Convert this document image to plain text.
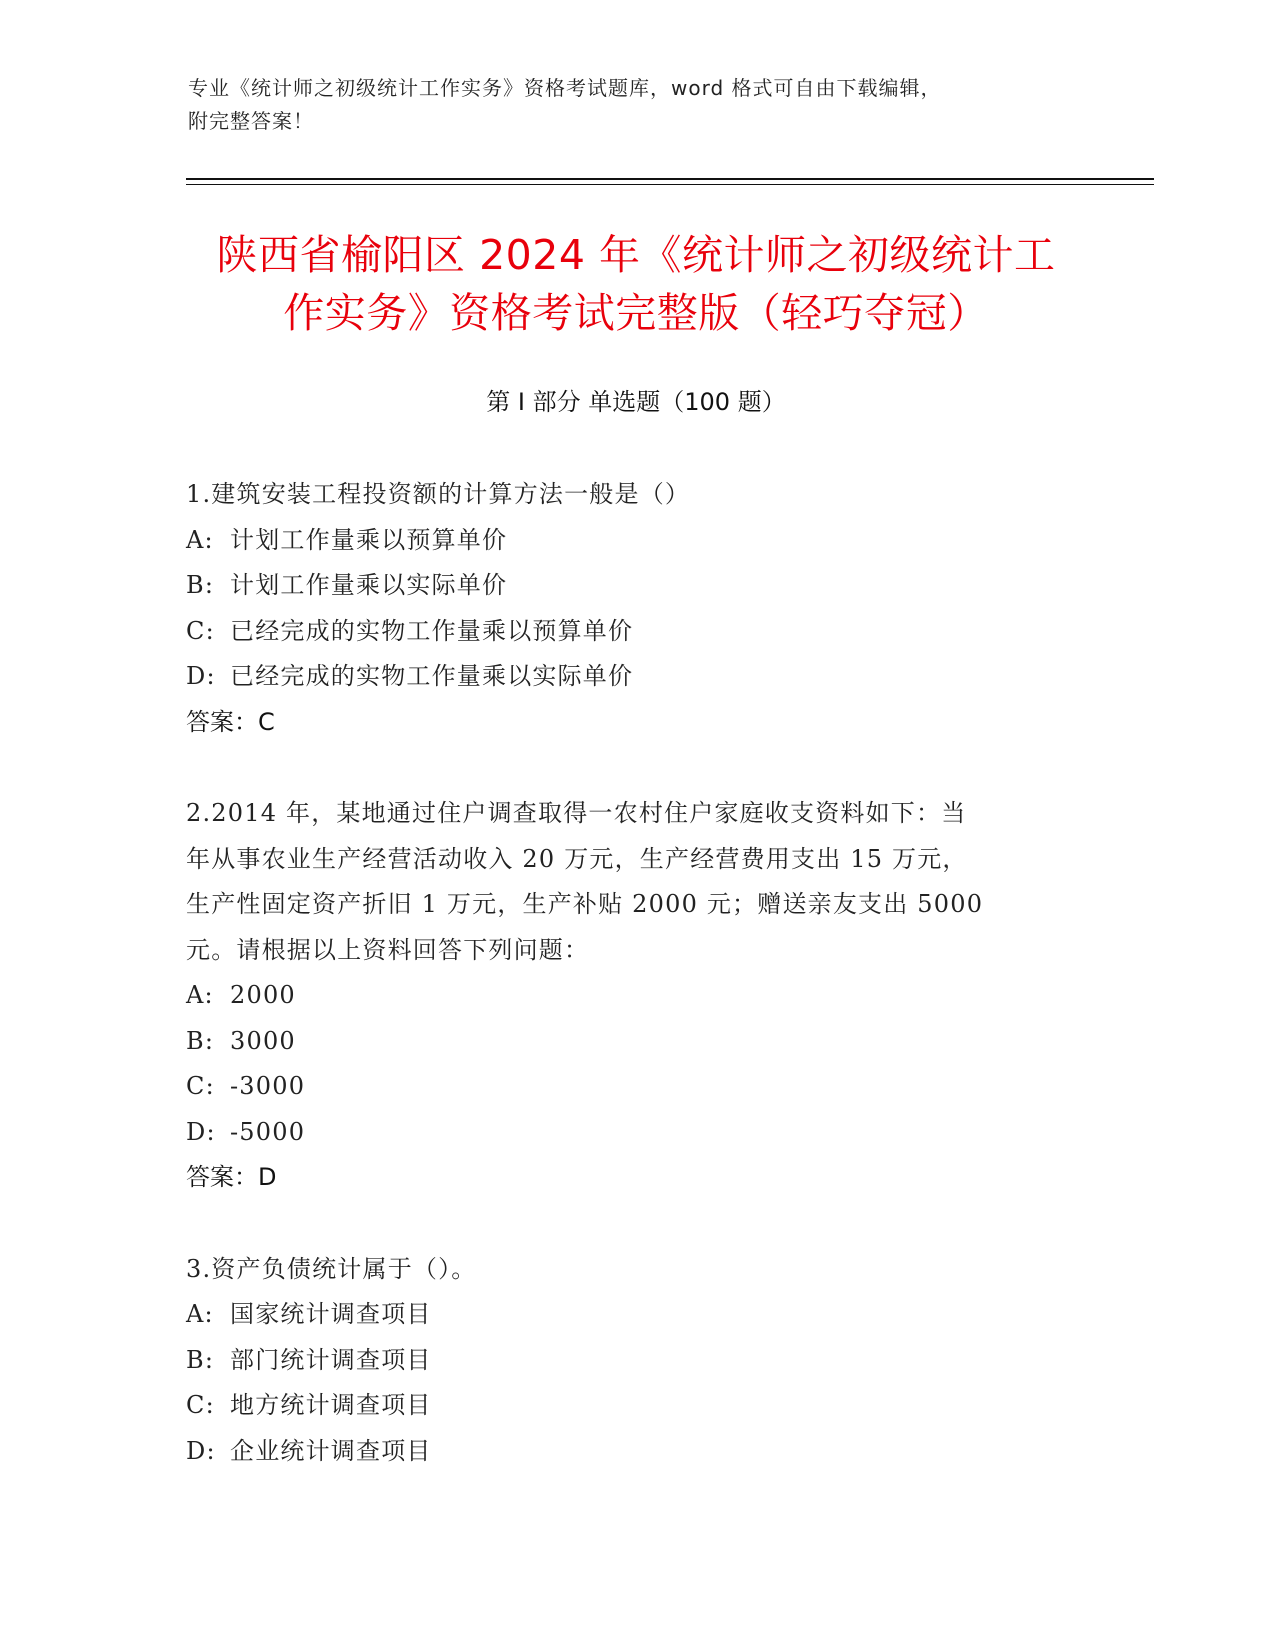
专业《统计师之初级统计工作实务》资格考试题库，word 格式可自由下载编辑，
附完整答案！
陕西省榆阳区 2024 年《统计师之初级统计工
作实务》资格考试完整版（轻巧夺冠）
第 I 部分 单选题（100 题）
1.建筑安装工程投资额的计算方法一般是（）
A: 计划工作量乘以预算单价
B: 计划工作量乘以实际单价
C: 已经完成的实物工作量乘以预算单价
D: 已经完成的实物工作量乘以实际单价
答案：C
2.2014 年，某地通过住户调查取得一农村住户家庭收支资料如下：当
年从事农业生产经营活动收入 20 万元，生产经营费用支出 15 万元，
生产性固定资产折旧 1 万元，生产补贴 2000 元；赠送亲友支出 5000
元。请根据以上资料回答下列问题：
A: 2000
B: 3000
C: -3000
D: -5000
答案：D
3.资产负债统计属于（）。
A: 国家统计调查项目
B: 部门统计调查项目
C: 地方统计调查项目
D: 企业统计调查项目
